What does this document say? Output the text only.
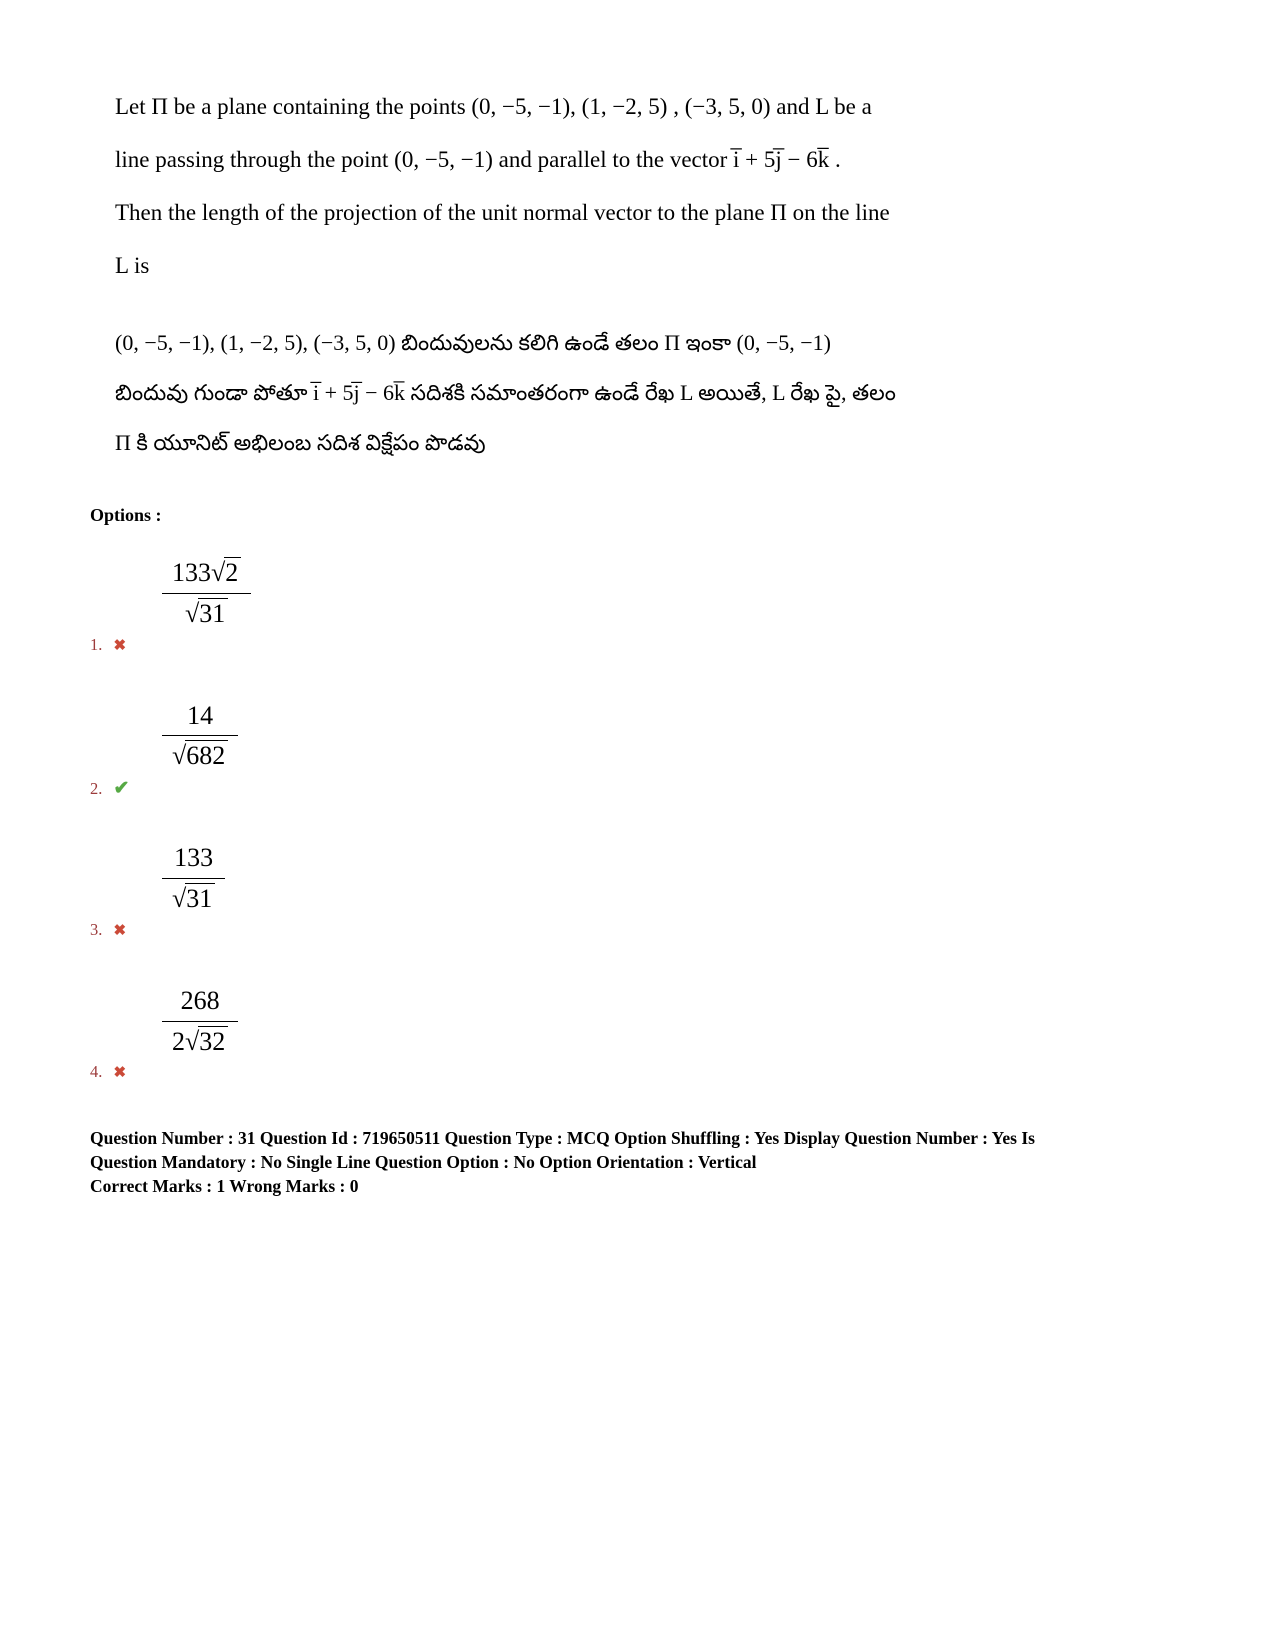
Let Π be a plane containing the points (0, −5, −1), (1, −2, 5) , (−3, 5, 0) and L be a
line passing through the point (0, −5, −1) and parallel to the vector i̅ + 5j̅ − 6k̅ .
Then the length of the projection of the unit normal vector to the plane Π on the line
L is
(0, −5, −1), (1, −2, 5), (−3, 5, 0) బిందువులను కలిగి ఉండే తలం Π ఇంకా (0, −5, −1)
బిందువు గుండా పోతూ i̅ + 5j̅ − 6k̅ సదిశకి సమాంతరంగా ఉండే రేఖ L అయితే, L రేఖ పై, తలం
Π కి యూనిట్ అభిలంబ సదిశ విక్షేపం పొడవు
Options :
$\frac{133√2}{√31}$
1. ✖
$\frac{14}{√682}$
2. ✔
$\frac{133}{√31}$
3. ✖
$\frac{268}{2√32}$
4. ✖
Question Number : 31 Question Id : 719650511 Question Type : MCQ Option Shuffling : Yes Display Question Number : Yes Is
Question Mandatory : No Single Line Question Option : No Option Orientation : Vertical
Correct Marks : 1 Wrong Marks : 0
